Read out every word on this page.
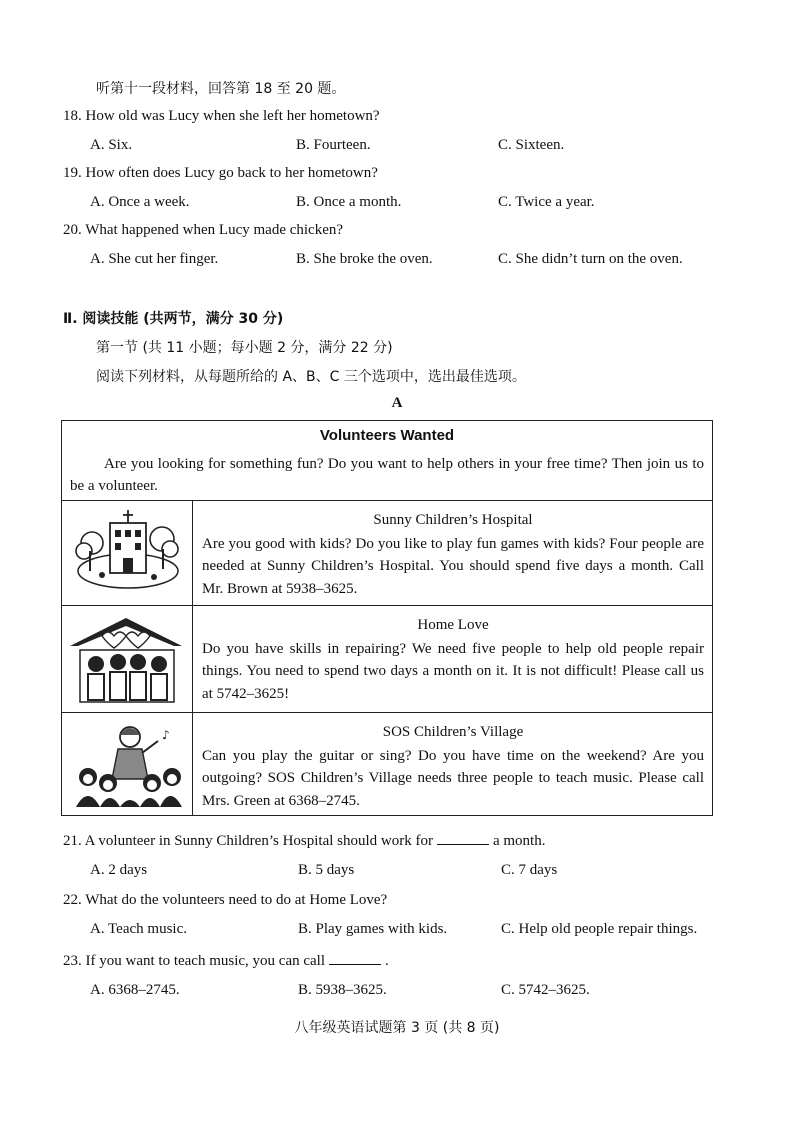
听第十一段材料，回答第 18 至 20 题。
18. How old was Lucy when she left her hometown?
A. Six.	B. Fourteen.	C. Sixteen.
19. How often does Lucy go back to her hometown?
A. Once a week.	B. Once a month.	C. Twice a year.
20. What happened when Lucy made chicken?
A. She cut her finger.	B. She broke the oven.	C. She didn’t turn on the oven.
Ⅱ. 阅读技能 (共两节，满分 30 分)
第一节 (共 11 小题；每小题 2 分，满分 22 分)
阅读下列材料，从每题所给的 A、B、C 三个选项中，选出最佳选项。
A
Volunteers Wanted
Are you looking for something fun? Do you want to help others in your free time? Then join us to be a volunteer.
Sunny Children’s Hospital
Are you good with kids? Do you like to play fun games with kids? Four people are needed at Sunny Children’s Hospital. You should spend five days a month. Call Mr. Brown at 5938–3625.
Home Love
Do you have skills in repairing? We need five people to help old people repair things. You need to spend two days a month on it. It is not difficult! Please call us at 5742–3625!
♪	SOS Children’s Village
Can you play the guitar or sing? Do you have time on the weekend? Are you outgoing? SOS Children’s Village needs three people to teach music. Please call Mrs. Green at 6368–2745.
21. A volunteer in Sunny Children’s Hospital should work for	a month.
A. 2 days	B. 5 days	C. 7 days
22. What do the volunteers need to do at Home Love?
A. Teach music.	B. Play games with kids.	C. Help old people repair things.
23. If you want to teach music, you can call	.
A. 6368–2745.	B. 5938–3625.	C. 5742–3625.
八年级英语试题第 3 页 (共 8 页)
